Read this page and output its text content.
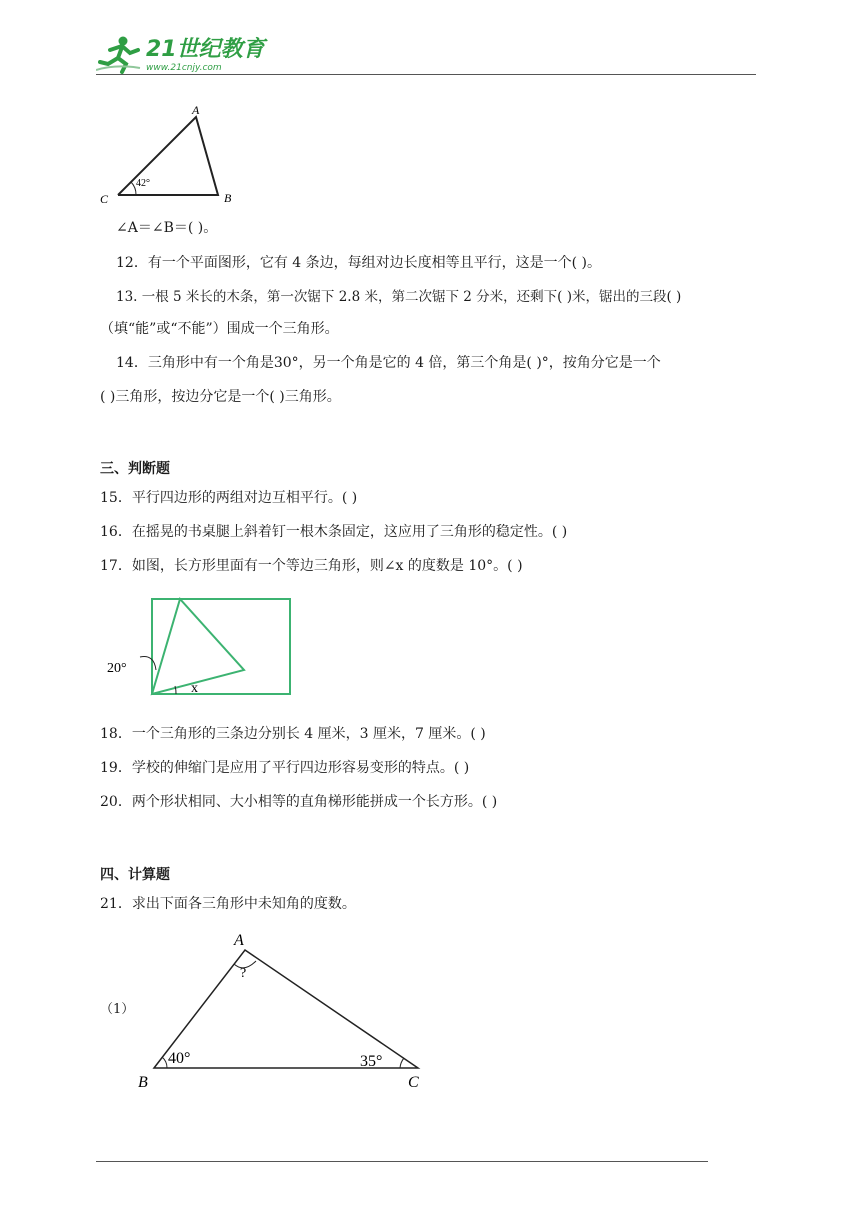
21世纪教育
www.21cnjy.com
A
B
C
42°
∠A＝∠B＝( )。
12．有一个平面图形，它有 4 条边，每组对边长度相等且平行，这是一个( )。
13. 一根 5 米长的木条，第一次锯下 2.8 米，第二次锯下 2 分米，还剩下( )米，锯出的三段( )
（填“能”或“不能”）围成一个三角形。
14．三角形中有一个角是30°，另一个角是它的 4 倍，第三个角是( )°，按角分它是一个
( )三角形，按边分它是一个( )三角形。
三、判断题
15．平行四边形的两组对边互相平行。( )
16．在摇晃的书桌腿上斜着钉一根木条固定，这应用了三角形的稳定性。( )
17．如图，长方形里面有一个等边三角形，则∠x 的度数是 10°。( )
20°
x
18．一个三角形的三条边分别长 4 厘米，3 厘米，7 厘米。( )
19．学校的伸缩门是应用了平行四边形容易变形的特点。( )
20．两个形状相同、大小相等的直角梯形能拼成一个长方形。( )
四、计算题
21．求出下面各三角形中未知角的度数。
（1）
A
B	C
?
40°	35°
